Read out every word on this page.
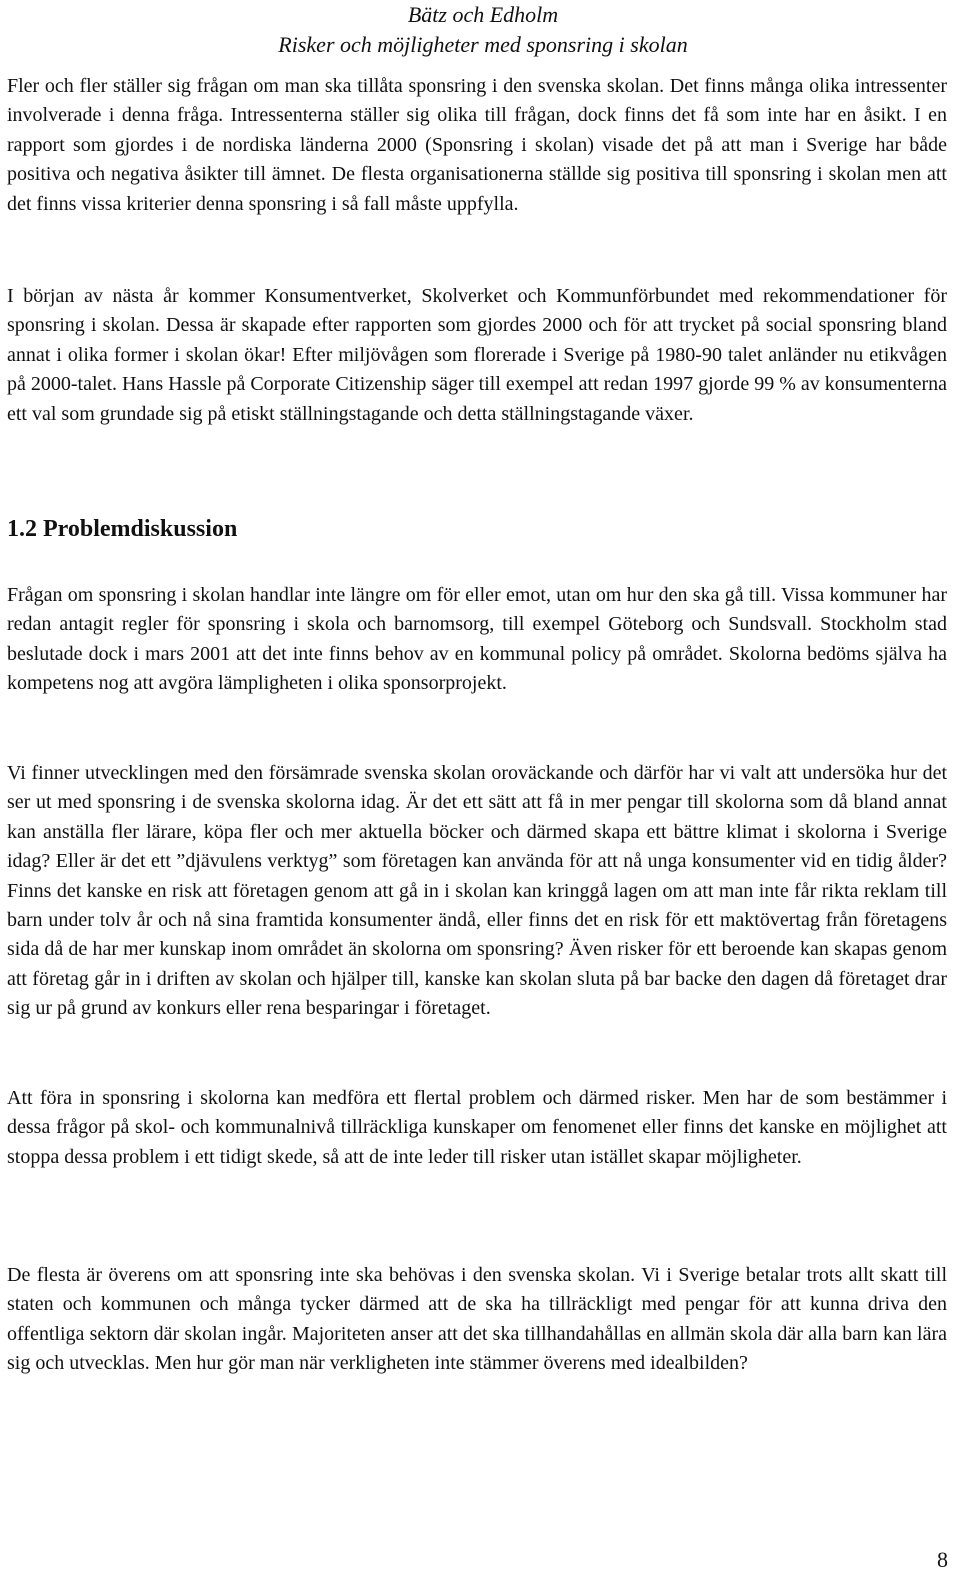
Bätz och Edholm
Risker och möjligheter med sponsring i skolan

Fler och fler ställer sig frågan om man ska tillåta sponsring i den svenska skolan. Det finns många olika intressenter involverade i denna fråga. Intressenterna ställer sig olika till frågan, dock finns det få som inte har en åsikt. I en rapport som gjordes i de nordiska länderna 2000 (Sponsring i skolan) visade det på att man i Sverige har både positiva och negativa åsikter till ämnet. De flesta organisationerna ställde sig positiva till sponsring i skolan men att det finns vissa kriterier denna sponsring i så fall måste uppfylla.

I början av nästa år kommer Konsumentverket, Skolverket och Kommunförbundet med rekommendationer för sponsring i skolan. Dessa är skapade efter rapporten som gjordes 2000 och för att trycket på social sponsring bland annat i olika former i skolan ökar! Efter miljövågen som florerade i Sverige på 1980-90 talet anländer nu etikvågen på 2000-talet. Hans Hassle på Corporate Citizenship säger till exempel att redan 1997 gjorde 99 % av konsumenterna ett val som grundade sig på etiskt ställningstagande och detta ställningstagande växer.

1.2 Problemdiskussion

Frågan om sponsring i skolan handlar inte längre om för eller emot, utan om hur den ska gå till. Vissa kommuner har redan antagit regler för sponsring i skola och barnomsorg, till exempel Göteborg och Sundsvall. Stockholm stad beslutade dock i mars 2001 att det inte finns behov av en kommunal policy på området. Skolorna bedöms själva ha kompetens nog att avgöra lämpligheten i olika sponsorprojekt.

Vi finner utvecklingen med den försämrade svenska skolan oroväckande och därför har vi valt att undersöka hur det ser ut med sponsring i de svenska skolorna idag. Är det ett sätt att få in mer pengar till skolorna som då bland annat kan anställa fler lärare, köpa fler och mer aktuella böcker och därmed skapa ett bättre klimat i skolorna i Sverige idag? Eller är det ett ”djävulens verktyg” som företagen kan använda för att nå unga konsumenter vid en tidig ålder? Finns det kanske en risk att företagen genom att gå in i skolan kan kringgå lagen om att man inte får rikta reklam till barn under tolv år och nå sina framtida konsumenter ändå, eller finns det en risk för ett maktövertag från företagens sida då de har mer kunskap inom området än skolorna om sponsring? Även risker för ett beroende kan skapas genom att företag går in i driften av skolan och hjälper till, kanske kan skolan sluta på bar backe den dagen då företaget drar sig ur på grund av konkurs eller rena besparingar i företaget.

Att föra in sponsring i skolorna kan medföra ett flertal problem och därmed risker. Men har de som bestämmer i dessa frågor på skol- och kommunalnivå tillräckliga kunskaper om fenomenet eller finns det kanske en möjlighet att stoppa dessa problem i ett tidigt skede, så att de inte leder till risker utan istället skapar möjligheter.

De flesta är överens om att sponsring inte ska behövas i den svenska skolan. Vi i Sverige betalar trots allt skatt till staten och kommunen och många tycker därmed att de ska ha tillräckligt med pengar för att kunna driva den offentliga sektorn där skolan ingår. Majoriteten anser att det ska tillhandahållas en allmän skola där alla barn kan lära sig och utvecklas. Men hur gör man när verkligheten inte stämmer överens med idealbilden?

8
